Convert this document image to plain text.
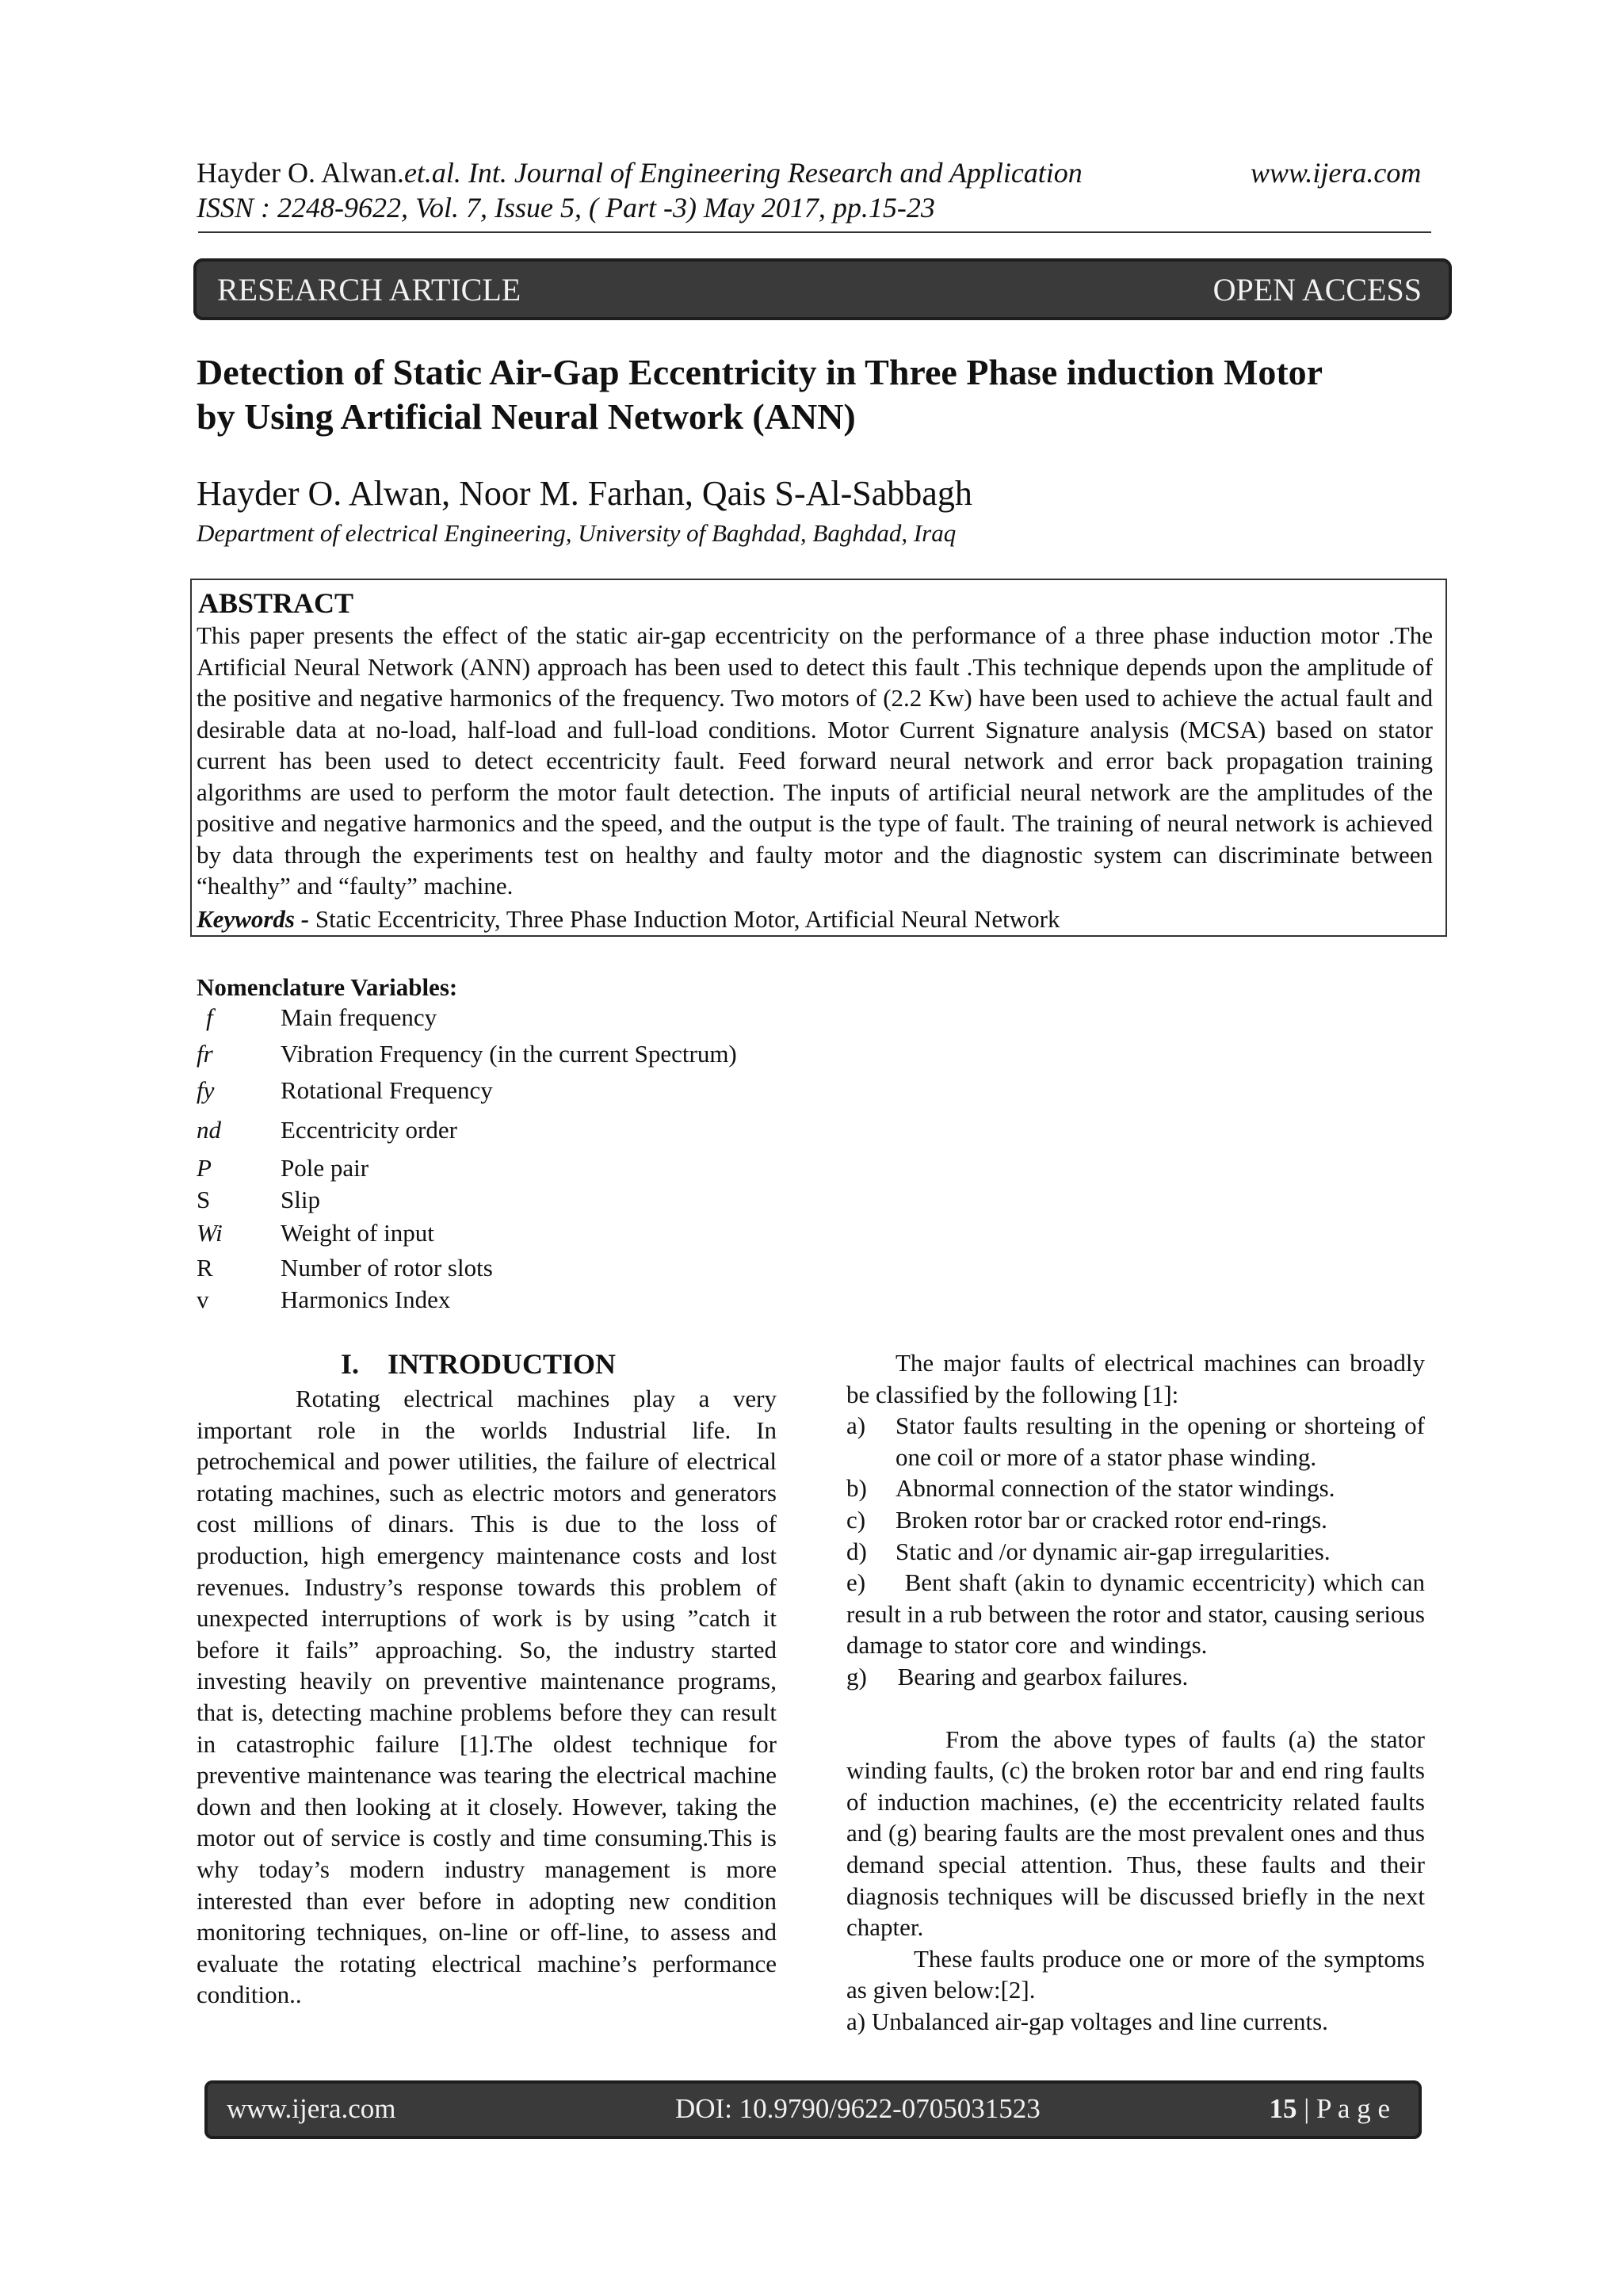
Hayder O. Alwan.et.al. Int. Journal of Engineering Research and Application	www.ijera.com
ISSN : 2248-9622, Vol. 7, Issue 5, ( Part -3) May 2017, pp.15-23
RESEARCH ARTICLE	OPEN ACCESS
Detection of Static Air-Gap Eccentricity in Three Phase induction Motor
by Using Artificial Neural Network (ANN)
Hayder O. Alwan, Noor M. Farhan, Qais S-Al-Sabbagh
Department of electrical Engineering, University of Baghdad, Baghdad, Iraq
ABSTRACT
This paper presents the effect of the static air-gap eccentricity on the performance of a three phase induction motor .The Artificial Neural Network (ANN) approach has been used to detect this fault .This technique depends upon the amplitude of the positive and negative harmonics of the frequency. Two motors of (2.2 Kw) have been used to achieve the actual fault and desirable data at no-load, half-load and full-load conditions. Motor Current Signature analysis (MCSA) based on stator current has been used to detect eccentricity fault. Feed forward neural network and error back propagation training algorithms are used to perform the motor fault detection. The inputs of artificial neural network are the amplitudes of the positive and negative harmonics and the speed, and the output is the type of fault. The training of neural network is achieved by data through the experiments test on healthy and faulty motor and the diagnostic system can discriminate between “healthy” and “faulty” machine.
Keywords - Static Eccentricity, Three Phase Induction Motor, Artificial Neural Network
Nomenclature Variables:
f	Main frequency
fr	Vibration Frequency (in the current Spectrum)
fy	Rotational Frequency
nd	Eccentricity order
P	Pole pair
S	Slip
Wi	Weight of input
R	Number of rotor slots
v	Harmonics Index
I.    INTRODUCTION

Rotating electrical machines play a very important role in the worlds Industrial life. In petrochemical and power utilities, the failure of electrical rotating machines, such as electric motors and generators cost millions of dinars. This is due to the loss of production, high emergency maintenance costs and lost revenues. Industry’s response towards this problem of unexpected interruptions of work is by using ”catch it before it fails” approaching. So, the industry started investing heavily on preventive maintenance programs, that is, detecting machine problems before they can result in catastrophic failure [1].The oldest technique for preventive maintenance was tearing the electrical machine down and then looking at it closely. However, taking the motor out of service is costly and time consuming.This is why today’s modern industry management is more interested than ever before in adopting new condition monitoring techniques, on-line or off-line, to assess and evaluate the rotating electrical machine’s performance condition..

The major faults of electrical machines can broadly be classified by the following [1]:

a) Stator faults resulting in the opening or shorteing of one coil or more of a stator phase winding.
b) Abnormal connection of the stator windings.
c) Broken rotor bar or cracked rotor end-rings.
d) Static and /or dynamic air-gap irregularities.

e)     Bent shaft (akin to dynamic eccentricity) which can result in a rub between the rotor and stator, causing serious damage to stator core  and windings.

g)     Bearing and gearbox failures.

From the above types of faults (a) the stator winding faults, (c) the broken rotor bar and end ring faults of induction machines, (e) the eccentricity related faults and (g) bearing faults are the most prevalent ones and thus demand special attention. Thus, these faults and their diagnosis techniques will be discussed briefly in the next chapter.

These faults produce one or more of the symptoms as given below:[2].

a) Unbalanced air-gap voltages and line currents.

www.ijera.com	DOI: 10.9790/9622-0705031523	15 | P a g e
